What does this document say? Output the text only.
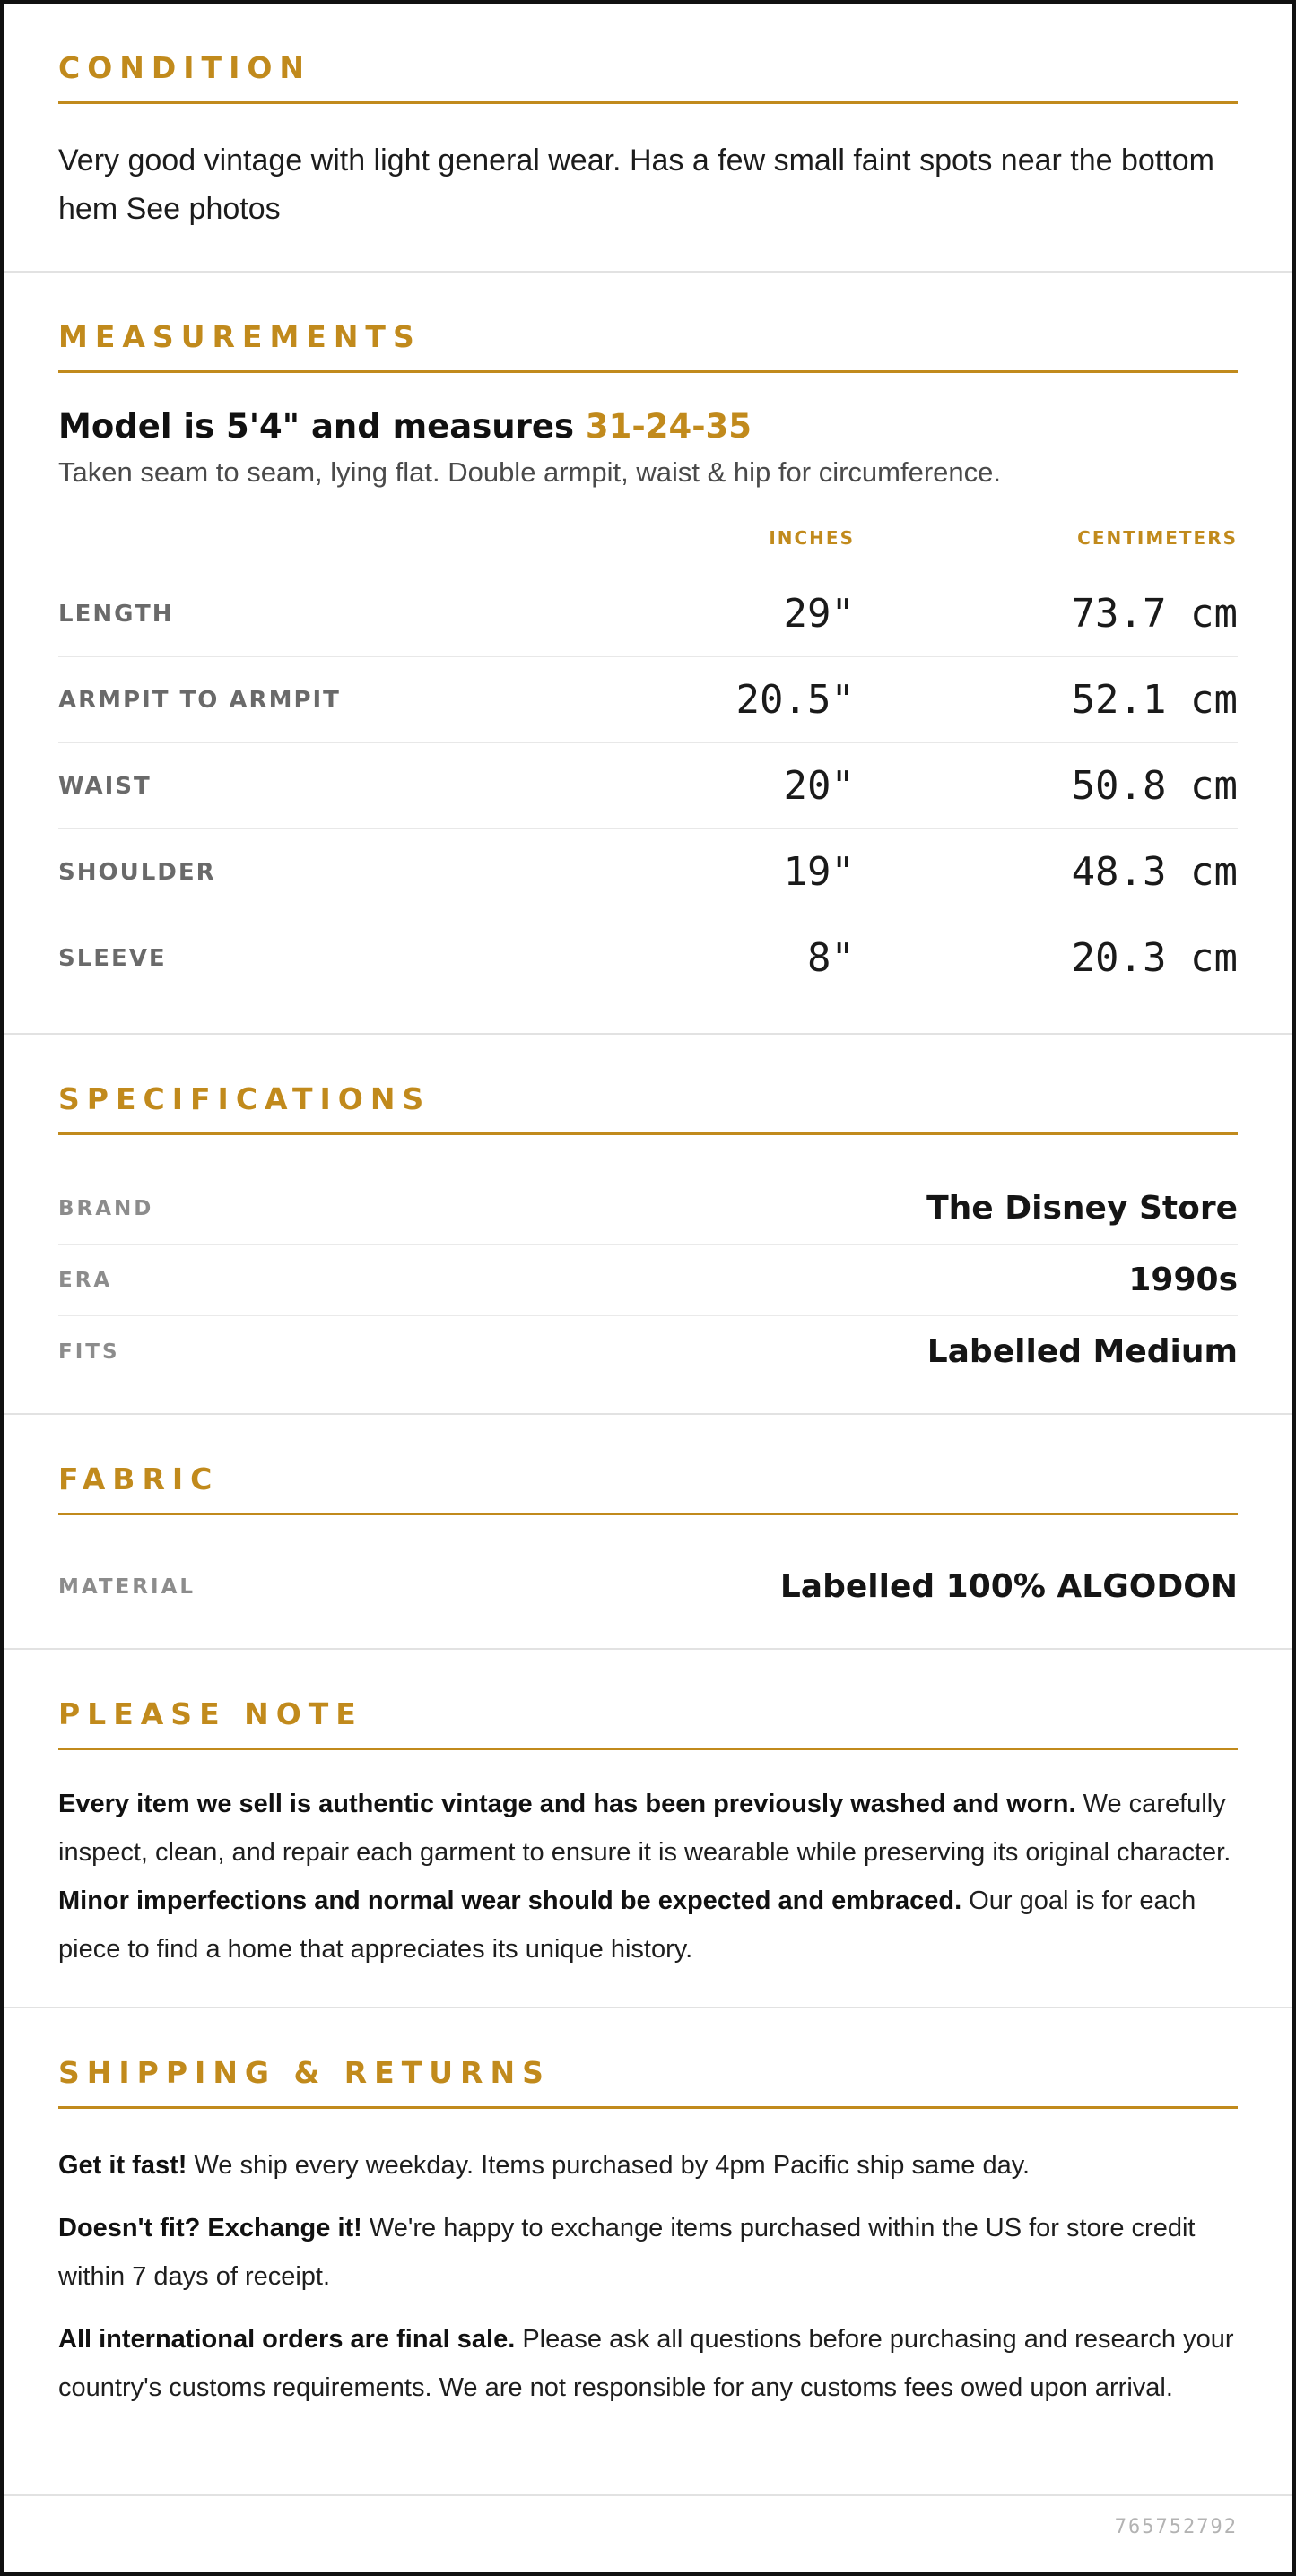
CONDITION
Very good vintage with light general wear. Has a few small faint spots near the bottom hem See photos
MEASUREMENTS
Model is 5'4" and measures 31-24-35
Taken seam to seam, lying flat. Double armpit, waist & hip for circumference.
INCHES	CENTIMETERS
LENGTH	29"	73.7 cm
ARMPIT TO ARMPIT	20.5"	52.1 cm
WAIST	20"	50.8 cm
SHOULDER	19"	48.3 cm
SLEEVE	8"	20.3 cm
SPECIFICATIONS
BRAND	The Disney Store
ERA	1990s
FITS	Labelled Medium
FABRIC
MATERIAL	Labelled 100% ALGODON
PLEASE NOTE
Every item we sell is authentic vintage and has been previously washed and worn. We carefully inspect, clean, and repair each garment to ensure it is wearable while preserving its original character. Minor imperfections and normal wear should be expected and embraced. Our goal is for each piece to find a home that appreciates its unique history.
SHIPPING & RETURNS
Get it fast! We ship every weekday. Items purchased by 4pm Pacific ship same day.
Doesn't fit? Exchange it! We're happy to exchange items purchased within the US for store credit within 7 days of receipt.
All international orders are final sale. Please ask all questions before purchasing and research your country's customs requirements. We are not responsible for any customs fees owed upon arrival.
765752792
